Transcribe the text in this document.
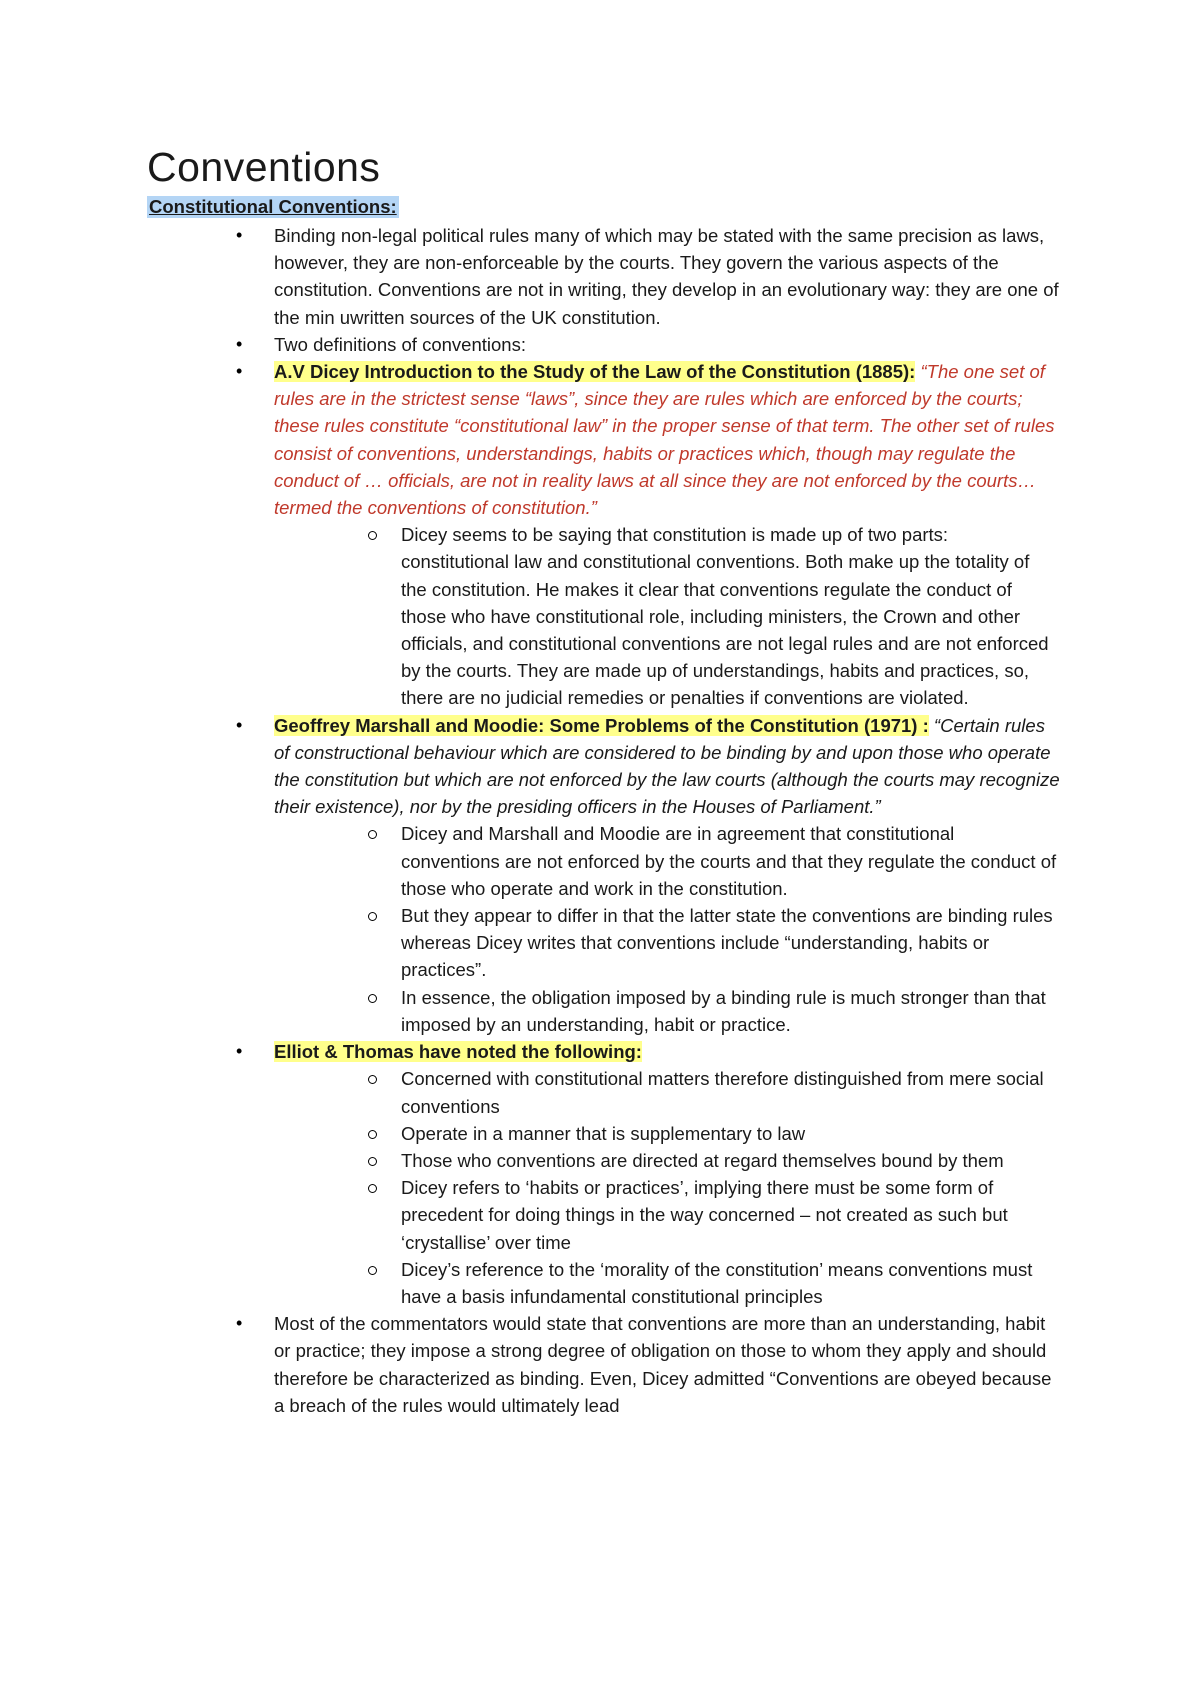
Conventions
Constitutional Conventions:
• Binding non-legal political rules many of which may be stated with the same precision as laws, however, they are non-enforceable by the courts. They govern the various aspects of the constitution. Conventions are not in writing, they develop in an evolutionary way: they are one of the min uwritten sources of the UK constitution.
• Two definitions of conventions:
• A.V Dicey Introduction to the Study of the Law of the Constitution (1885): “The one set of rules are in the strictest sense “laws”, since they are rules which are enforced by the courts; these rules constitute “constitutional law” in the proper sense of that term. The other set of rules consist of conventions, understandings, habits or practices which, though may regulate the conduct of … officials, are not in reality laws at all since they are not enforced by the courts… termed the conventions of constitution.”
Dicey seems to be saying that constitution is made up of two parts: constitutional law and constitutional conventions. Both make up the totality of the constitution. He makes it clear that conventions regulate the conduct of those who have constitutional role, including ministers, the Crown and other officials, and constitutional conventions are not legal rules and are not enforced by the courts. They are made up of understandings, habits and practices, so, there are no judicial remedies or penalties if conventions are violated.
• Geoffrey Marshall and Moodie: Some Problems of the Constitution (1971) : “Certain rules of constructional behaviour which are considered to be binding by and upon those who operate the constitution but which are not enforced by the law courts (although the courts may recognize their existence), nor by the presiding officers in the Houses of Parliament.”
Dicey and Marshall and Moodie are in agreement that constitutional conventions are not enforced by the courts and that they regulate the conduct of those who operate and work in the constitution.
But they appear to differ in that the latter state the conventions are binding rules whereas Dicey writes that conventions include “understanding, habits or practices”.
In essence, the obligation imposed by a binding rule is much stronger than that imposed by an understanding, habit or practice.
• Elliot & Thomas have noted the following:
Concerned with constitutional matters therefore distinguished from mere social conventions
Operate in a manner that is supplementary to law
Those who conventions are directed at regard themselves bound by them
Dicey refers to ‘habits or practices’, implying there must be some form of precedent for doing things in the way concerned – not created as such but ‘crystallise’ over time
Dicey’s reference to the ‘morality of the constitution’ means conventions must have a basis infundamental constitutional principles
• Most of the commentators would state that conventions are more than an understanding, habit or practice; they impose a strong degree of obligation on those to whom they apply and should therefore be characterized as binding. Even, Dicey admitted “Conventions are obeyed because a breach of the rules would ultimately lead
